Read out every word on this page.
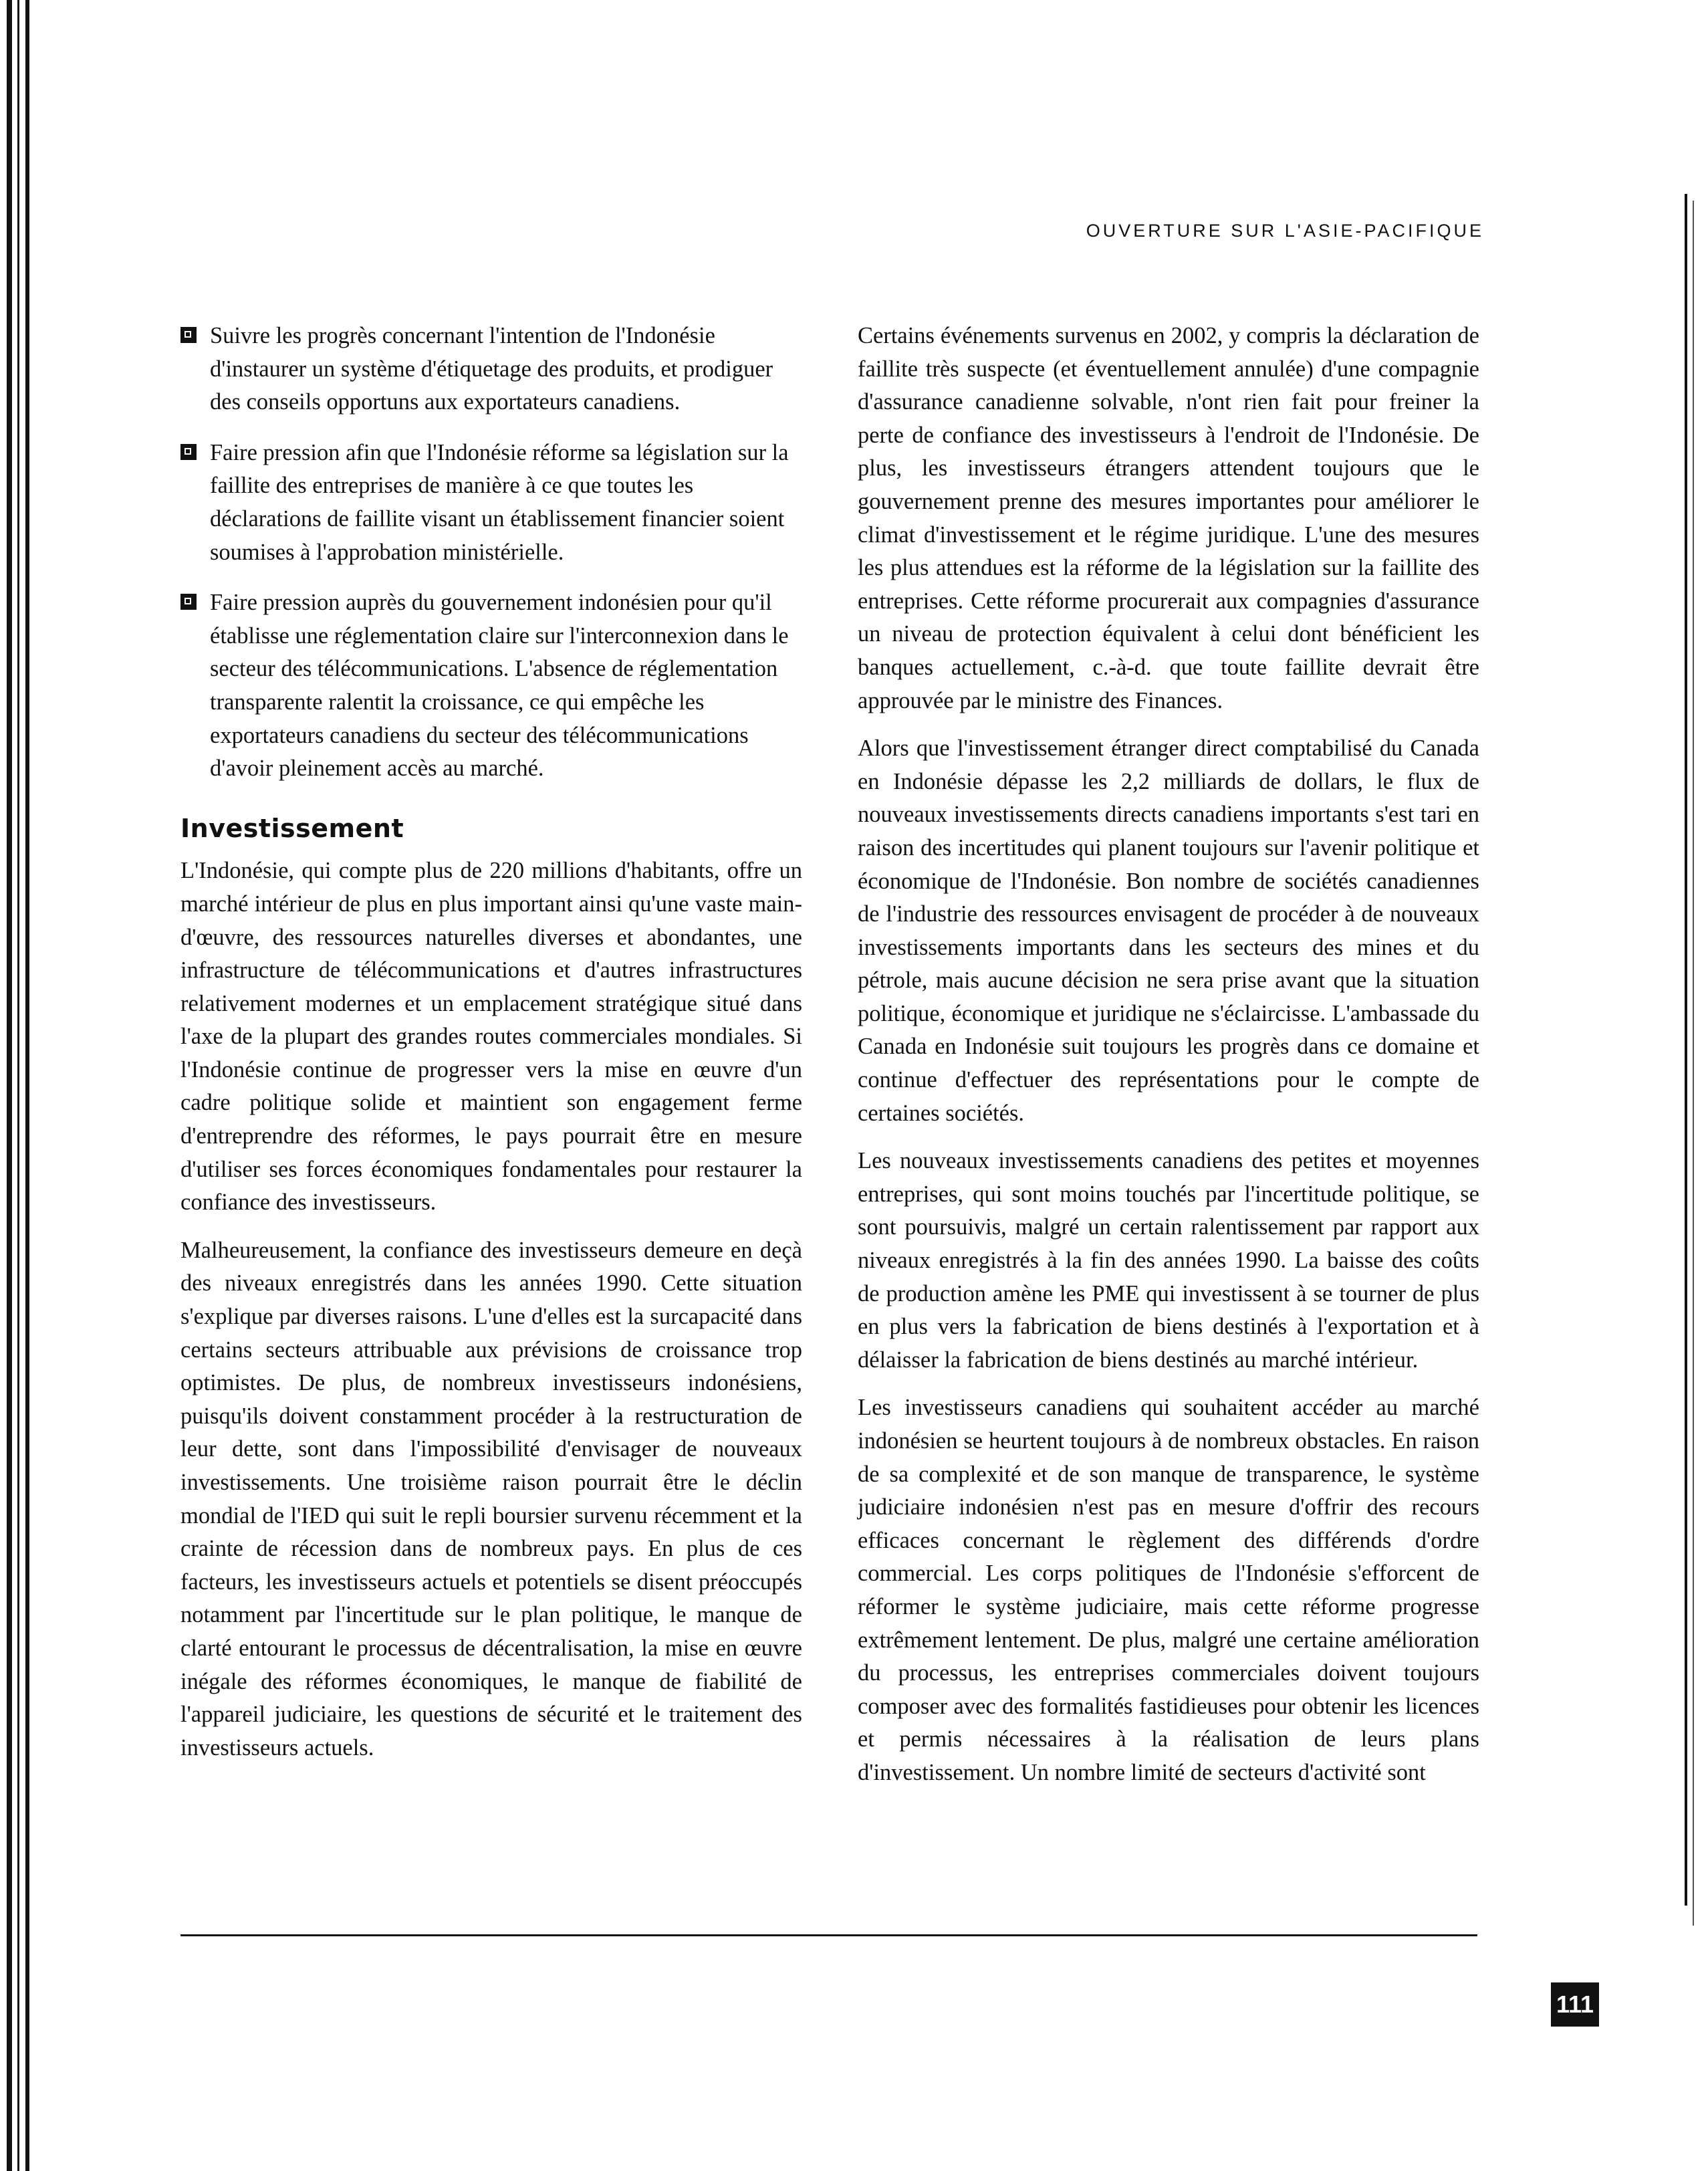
OUVERTURE SUR L'ASIE-PACIFIQUE
Suivre les progrès concernant l'intention de l'Indonésie d'instaurer un système d'étiquetage des produits, et prodiguer des conseils opportuns aux exportateurs canadiens.
Faire pression afin que l'Indonésie réforme sa législation sur la faillite des entreprises de manière à ce que toutes les déclarations de faillite visant un établissement financier soient soumises à l'approbation ministérielle.
Faire pression auprès du gouvernement indonésien pour qu'il établisse une réglementation claire sur l'interconnexion dans le secteur des télécommunications. L'absence de réglementation transparente ralentit la croissance, ce qui empêche les exportateurs canadiens du secteur des télécommunications d'avoir pleinement accès au marché.
Investissement

L'Indonésie, qui compte plus de 220 millions d'habitants, offre un marché intérieur de plus en plus important ainsi qu'une vaste main-d'œuvre, des ressources naturelles diverses et abondantes, une infrastructure de télécommunications et d'autres infrastructures relativement modernes et un emplacement stratégique situé dans l'axe de la plupart des grandes routes commerciales mondiales. Si l'Indonésie continue de progresser vers la mise en œuvre d'un cadre politique solide et maintient son engagement ferme d'entreprendre des réformes, le pays pourrait être en mesure d'utiliser ses forces économiques fondamentales pour restaurer la confiance des investisseurs.

Malheureusement, la confiance des investisseurs demeure en deçà des niveaux enregistrés dans les années 1990. Cette situation s'explique par diverses raisons. L'une d'elles est la surcapacité dans certains secteurs attribuable aux prévisions de croissance trop optimistes. De plus, de nombreux investisseurs indonésiens, puisqu'ils doivent constamment procéder à la restructuration de leur dette, sont dans l'impossibilité d'envisager de nouveaux investissements. Une troisième raison pourrait être le déclin mondial de l'IED qui suit le repli boursier survenu récemment et la crainte de récession dans de nombreux pays. En plus de ces facteurs, les investisseurs actuels et potentiels se disent préoccupés notamment par l'incertitude sur le plan politique, le manque de clarté entourant le processus de décentralisation, la mise en œuvre inégale des réformes économiques, le manque de fiabilité de l'appareil judiciaire, les questions de sécurité et le traitement des investisseurs actuels.

Certains événements survenus en 2002, y compris la déclaration de faillite très suspecte (et éventuellement annulée) d'une compagnie d'assurance canadienne solvable, n'ont rien fait pour freiner la perte de confiance des investisseurs à l'endroit de l'Indonésie. De plus, les investisseurs étrangers attendent toujours que le gouvernement prenne des mesures importantes pour améliorer le climat d'investissement et le régime juridique. L'une des mesures les plus attendues est la réforme de la législation sur la faillite des entreprises. Cette réforme procurerait aux compagnies d'assurance un niveau de protection équivalent à celui dont bénéficient les banques actuellement, c.-à-d. que toute faillite devrait être approuvée par le ministre des Finances.

Alors que l'investissement étranger direct comptabilisé du Canada en Indonésie dépasse les 2,2 milliards de dollars, le flux de nouveaux investissements directs canadiens importants s'est tari en raison des incertitudes qui planent toujours sur l'avenir politique et économique de l'Indonésie. Bon nombre de sociétés canadiennes de l'industrie des ressources envisagent de procéder à de nouveaux investissements importants dans les secteurs des mines et du pétrole, mais aucune décision ne sera prise avant que la situation politique, économique et juridique ne s'éclaircisse. L'ambassade du Canada en Indonésie suit toujours les progrès dans ce domaine et continue d'effectuer des représentations pour le compte de certaines sociétés.

Les nouveaux investissements canadiens des petites et moyennes entreprises, qui sont moins touchés par l'incertitude politique, se sont poursuivis, malgré un certain ralentissement par rapport aux niveaux enregistrés à la fin des années 1990. La baisse des coûts de production amène les PME qui investissent à se tourner de plus en plus vers la fabrication de biens destinés à l'exportation et à délaisser la fabrication de biens destinés au marché intérieur.

Les investisseurs canadiens qui souhaitent accéder au marché indonésien se heurtent toujours à de nombreux obstacles. En raison de sa complexité et de son manque de transparence, le système judiciaire indonésien n'est pas en mesure d'offrir des recours efficaces concernant le règlement des différends d'ordre commercial. Les corps politiques de l'Indonésie s'efforcent de réformer le système judiciaire, mais cette réforme progresse extrêmement lentement. De plus, malgré une certaine amélioration du processus, les entreprises commerciales doivent toujours composer avec des formalités fastidieuses pour obtenir les licences et permis nécessaires à la réalisation de leurs plans d'investissement. Un nombre limité de secteurs d'activité sont

111
